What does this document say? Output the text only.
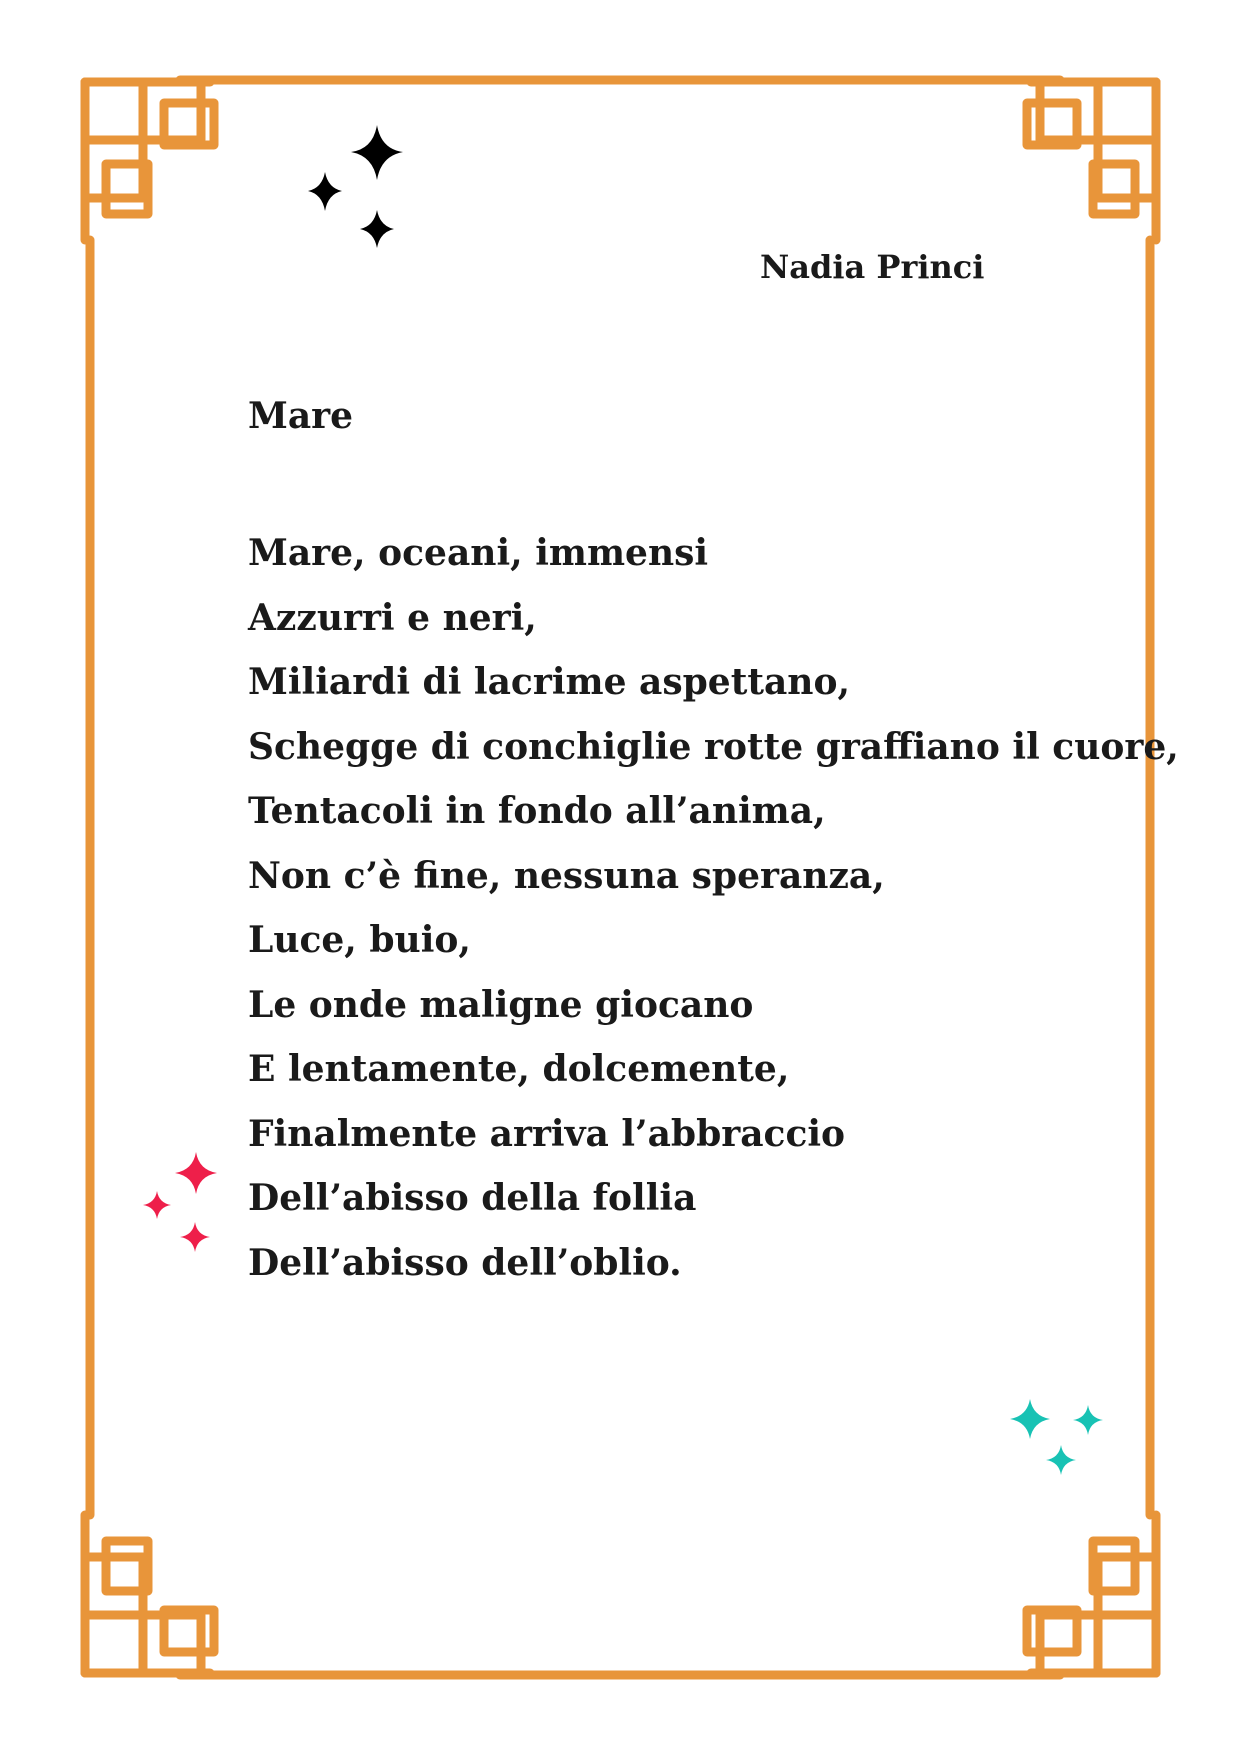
Nadia Princi
Mare
Mare, oceani, immensi
Azzurri e neri,
Miliardi di lacrime aspettano,
Schegge di conchiglie rotte graffiano il cuore,
Tentacoli in fondo all’anima,
Non c’è fine, nessuna speranza,
Luce, buio,
Le onde maligne giocano
E lentamente, dolcemente,
Finalmente arriva l’abbraccio
Dell’abisso della follia
Dell’abisso dell’oblio.
